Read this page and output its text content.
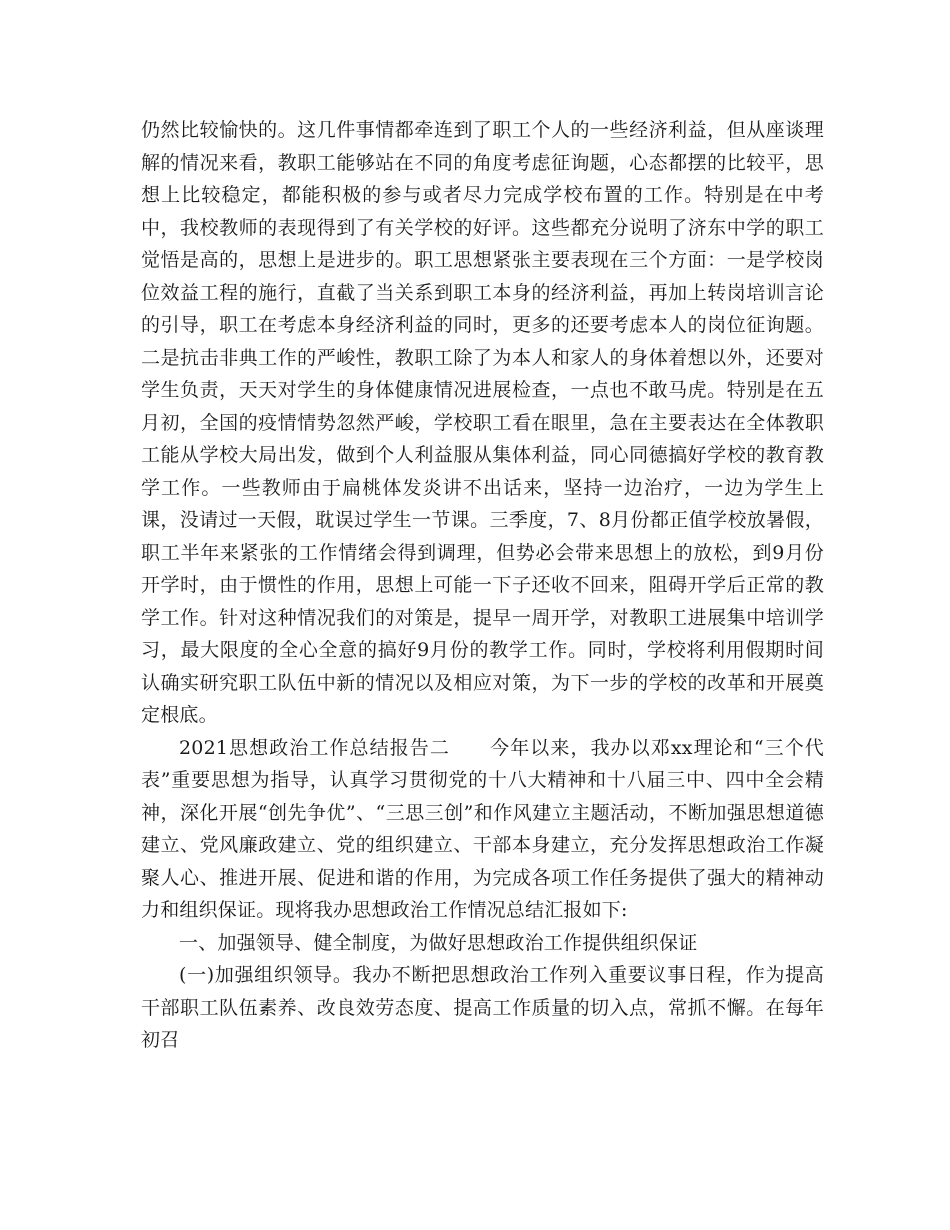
仍然比较愉快的。这几件事情都牵连到了职工个人的一些经济利益，但从座谈理解的情况来看，教职工能够站在不同的角度考虑征询题，心态都摆的比较平，思想上比较稳定，都能积极的参与或者尽力完成学校布置的工作。特别是在中考中，我校教师的表现得到了有关学校的好评。这些都充分说明了济东中学的职工觉悟是高的，思想上是进步的。职工思想紧张主要表现在三个方面：一是学校岗位效益工程的施行，直截了当关系到职工本身的经济利益，再加上转岗培训言论的引导，职工在考虑本身经济利益的同时，更多的还要考虑本人的岗位征询题。二是抗击非典工作的严峻性，教职工除了为本人和家人的身体着想以外，还要对学生负责，天天对学生的身体健康情况进展检查，一点也不敢马虎。特别是在五月初，全国的疫情情势忽然严峻，学校职工看在眼里，急在主要表达在全体教职工能从学校大局出发，做到个人利益服从集体利益，同心同德搞好学校的教育教学工作。一些教师由于扁桃体发炎讲不出话来，坚持一边治疗，一边为学生上课，没请过一天假，耽误过学生一节课。三季度，7、8月份都正值学校放暑假，职工半年来紧张的工作情绪会得到调理，但势必会带来思想上的放松，到9月份开学时，由于惯性的作用，思想上可能一下子还收不回来，阻碍开学后正常的教学工作。针对这种情况我们的对策是，提早一周开学，对教职工进展集中培训学习，最大限度的全心全意的搞好9月份的教学工作。同时，学校将利用假期时间认确实研究职工队伍中新的情况以及相应对策，为下一步的学校的改革和开展奠定根底。

2021思想政治工作总结报告二　　今年以来，我办以邓xx理论和“三个代表”重要思想为指导，认真学习贯彻党的十八大精神和十八届三中、四中全会精神，深化开展“创先争优”、“三思三创”和作风建立主题活动，不断加强思想道德建立、党风廉政建立、党的组织建立、干部本身建立，充分发挥思想政治工作凝聚人心、推进开展、促进和谐的作用，为完成各项工作任务提供了强大的精神动力和组织保证。现将我办思想政治工作情况总结汇报如下:

一、加强领导、健全制度，为做好思想政治工作提供组织保证

(一)加强组织领导。我办不断把思想政治工作列入重要议事日程，作为提高干部职工队伍素养、改良效劳态度、提高工作质量的切入点，常抓不懈。在每年初召
